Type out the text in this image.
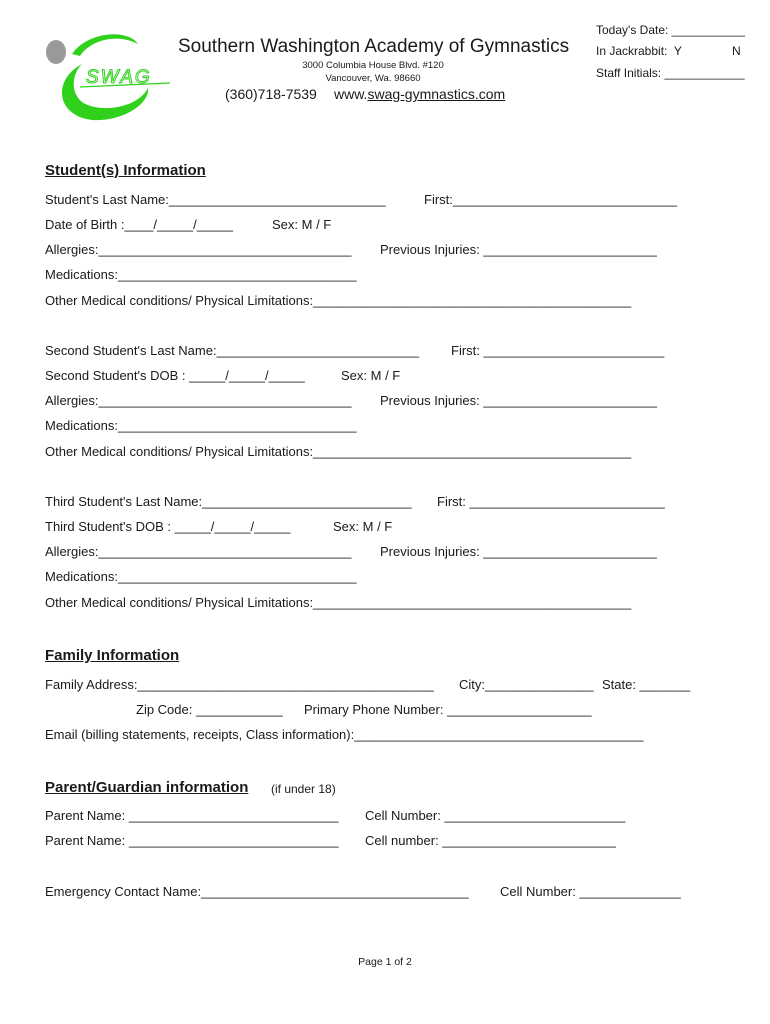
SWAG
Southern Washington Academy of Gymnastics
3000 Columbia House Blvd. #120
Vancouver, Wa. 98660
(360)718-7539 www.swag-gymnastics.com
Today's Date: ___________
In Jackrabbit:  Y	N
Staff Initials: ____________
Student(s) Information
Student's Last Name:______________________________	First:_______________________________
Date of Birth :____/_____/_____	Sex: M / F
Allergies:___________________________________ Previous Injuries: ________________________
Medications:_________________________________
Other Medical conditions/ Physical Limitations:____________________________________________
Second Student's Last Name:____________________________ First: _________________________
Second Student's DOB : _____/_____/_____	Sex: M / F
Allergies:___________________________________ Previous Injuries: ________________________
Medications:_________________________________
Other Medical conditions/ Physical Limitations:____________________________________________
Third Student's Last Name:_____________________________ First: ___________________________
Third Student's DOB : _____/_____/_____	Sex: M / F
Allergies:___________________________________ Previous Injuries: ________________________
Medications:_________________________________
Other Medical conditions/ Physical Limitations:____________________________________________
Family Information
Family Address:_________________________________________ City:_______________ State: _______
Zip Code: ____________ Primary Phone Number: ____________________
Email (billing statements, receipts, Class information):________________________________________
Parent/Guardian information (if under 18)
Parent Name: _____________________________ Cell Number: _________________________
Parent Name: _____________________________ Cell number: ________________________
Emergency Contact Name:_____________________________________ Cell Number: ______________
Page 1 of 2
